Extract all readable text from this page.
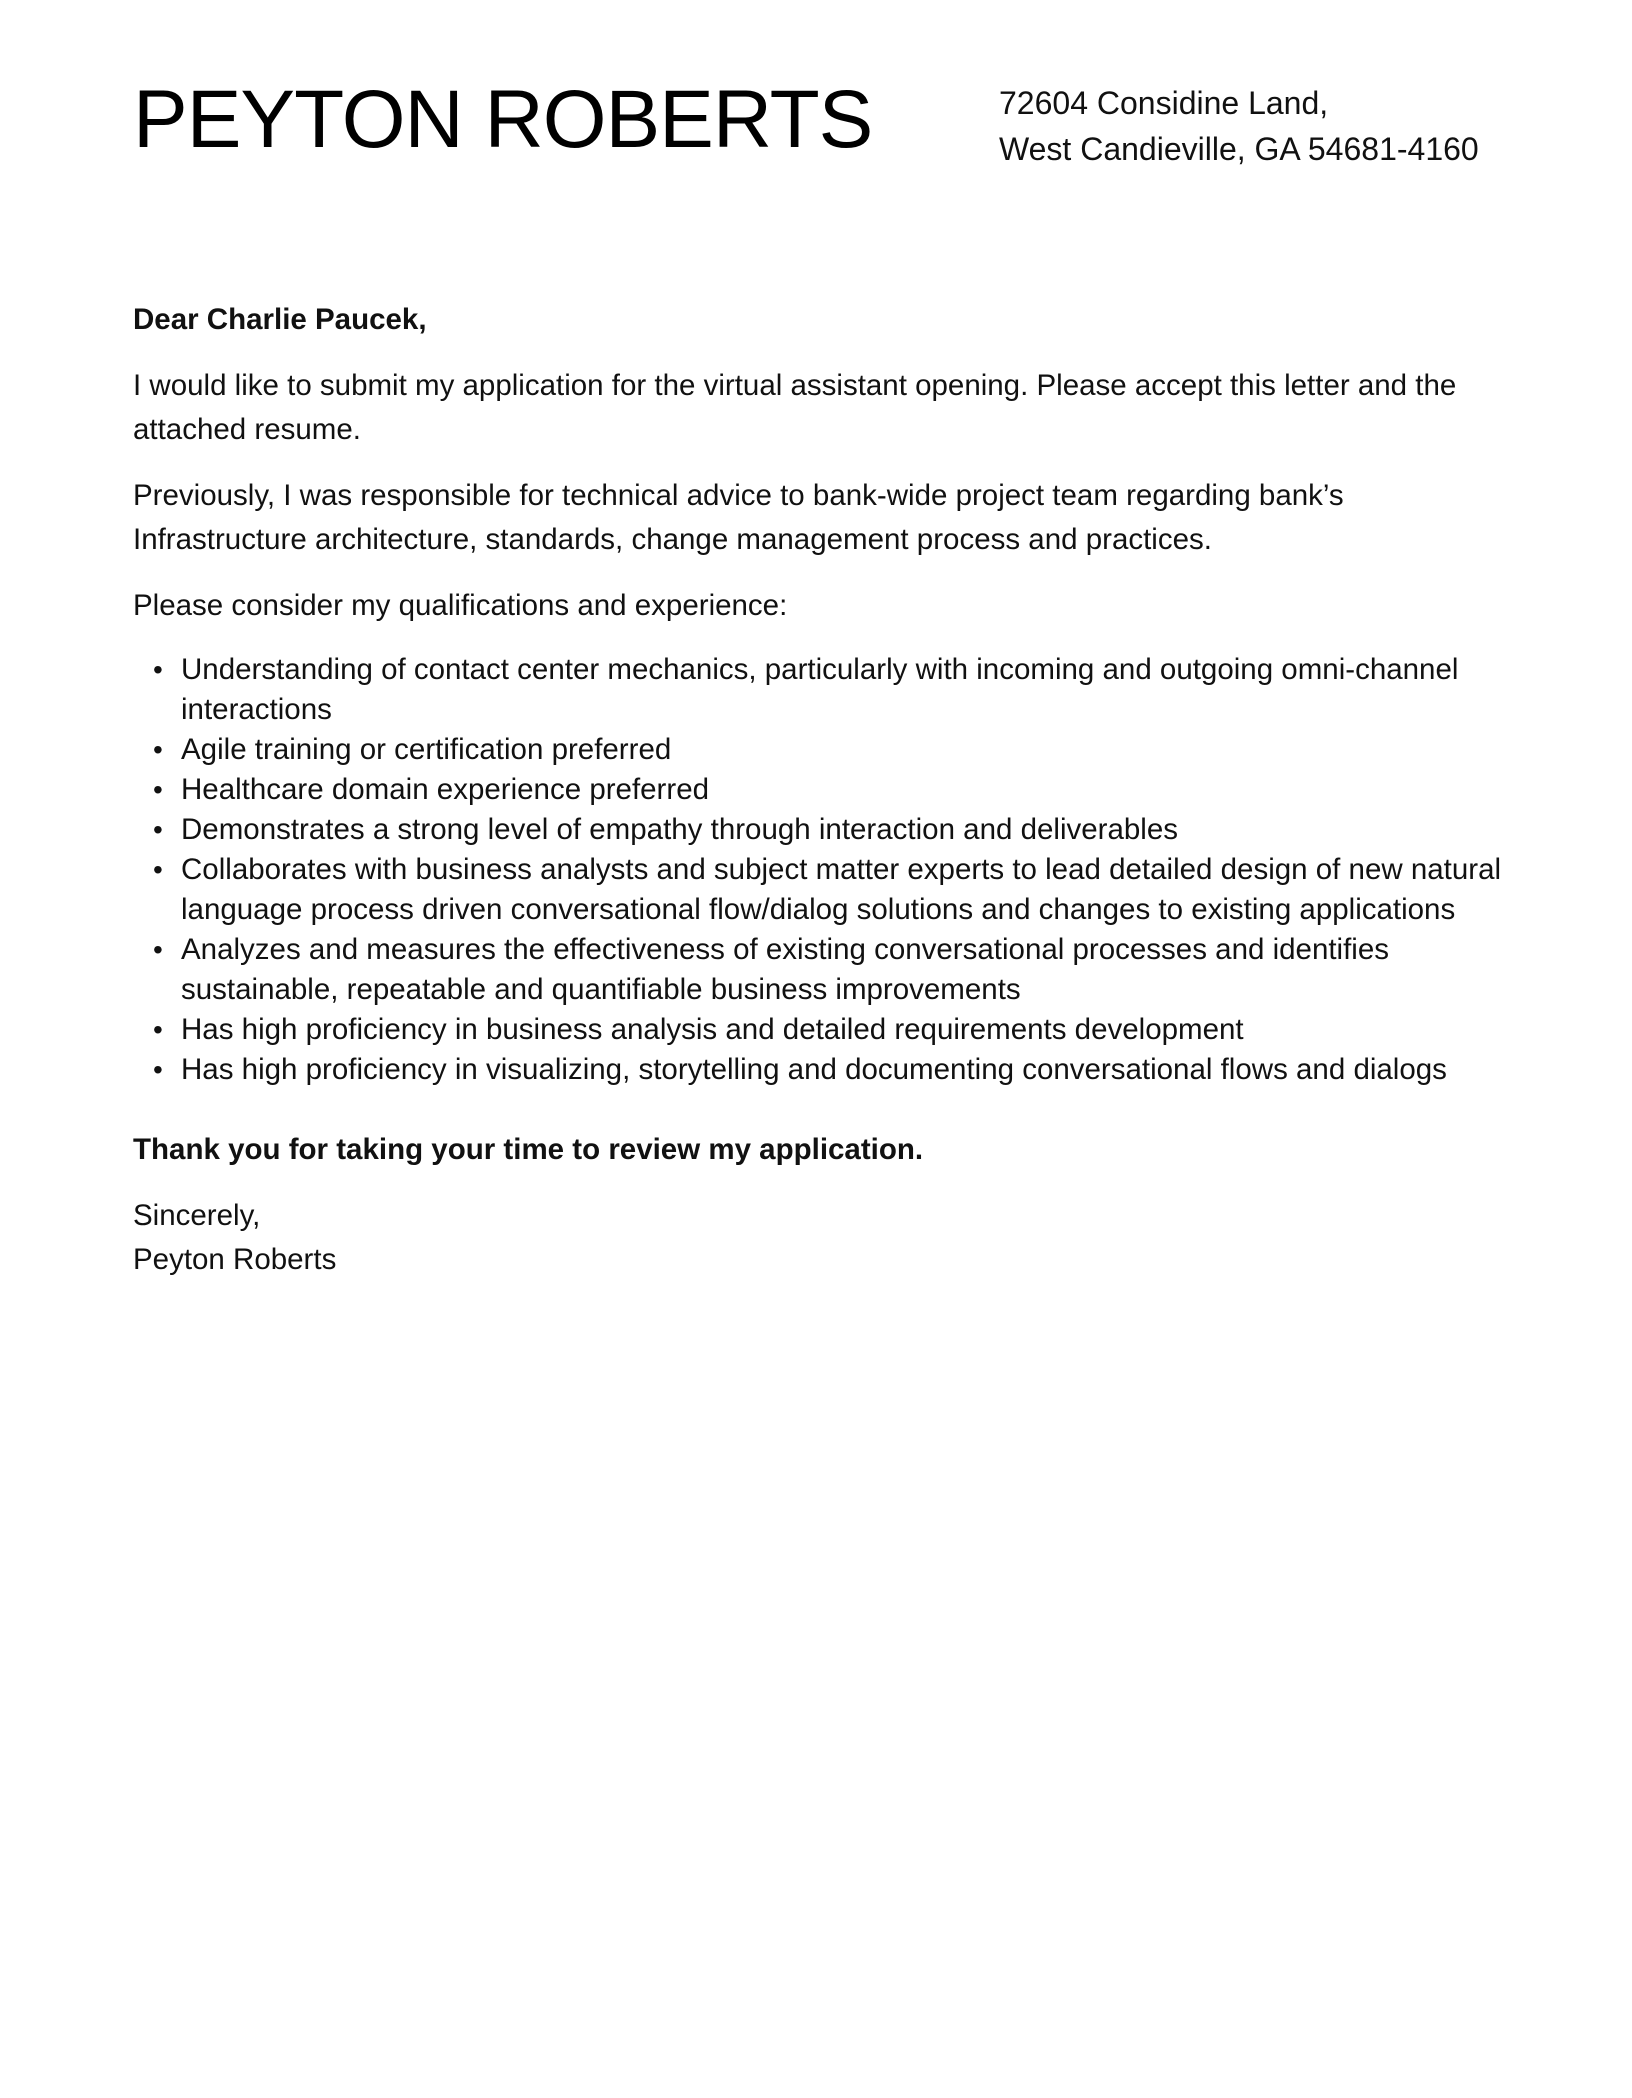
PEYTON ROBERTS	72604 Considine Land,
West Candieville, GA 54681-4160

Dear Charlie Paucek,

I would like to submit my application for the virtual assistant opening. Please accept this letter and the attached resume.

Previously, I was responsible for technical advice to bank-wide project team regarding bank’s Infrastructure architecture, standards, change management process and practices.

Please consider my qualifications and experience:

• Understanding of contact center mechanics, particularly with incoming and outgoing omni-channel interactions
• Agile training or certification preferred
• Healthcare domain experience preferred
• Demonstrates a strong level of empathy through interaction and deliverables
• Collaborates with business analysts and subject matter experts to lead detailed design of new natural language process driven conversational flow/dialog solutions and changes to existing applications
• Analyzes and measures the effectiveness of existing conversational processes and identifies sustainable, repeatable and quantifiable business improvements
• Has high proficiency in business analysis and detailed requirements development
• Has high proficiency in visualizing, storytelling and documenting conversational flows and dialogs

Thank you for taking your time to review my application.

Sincerely,
Peyton Roberts
